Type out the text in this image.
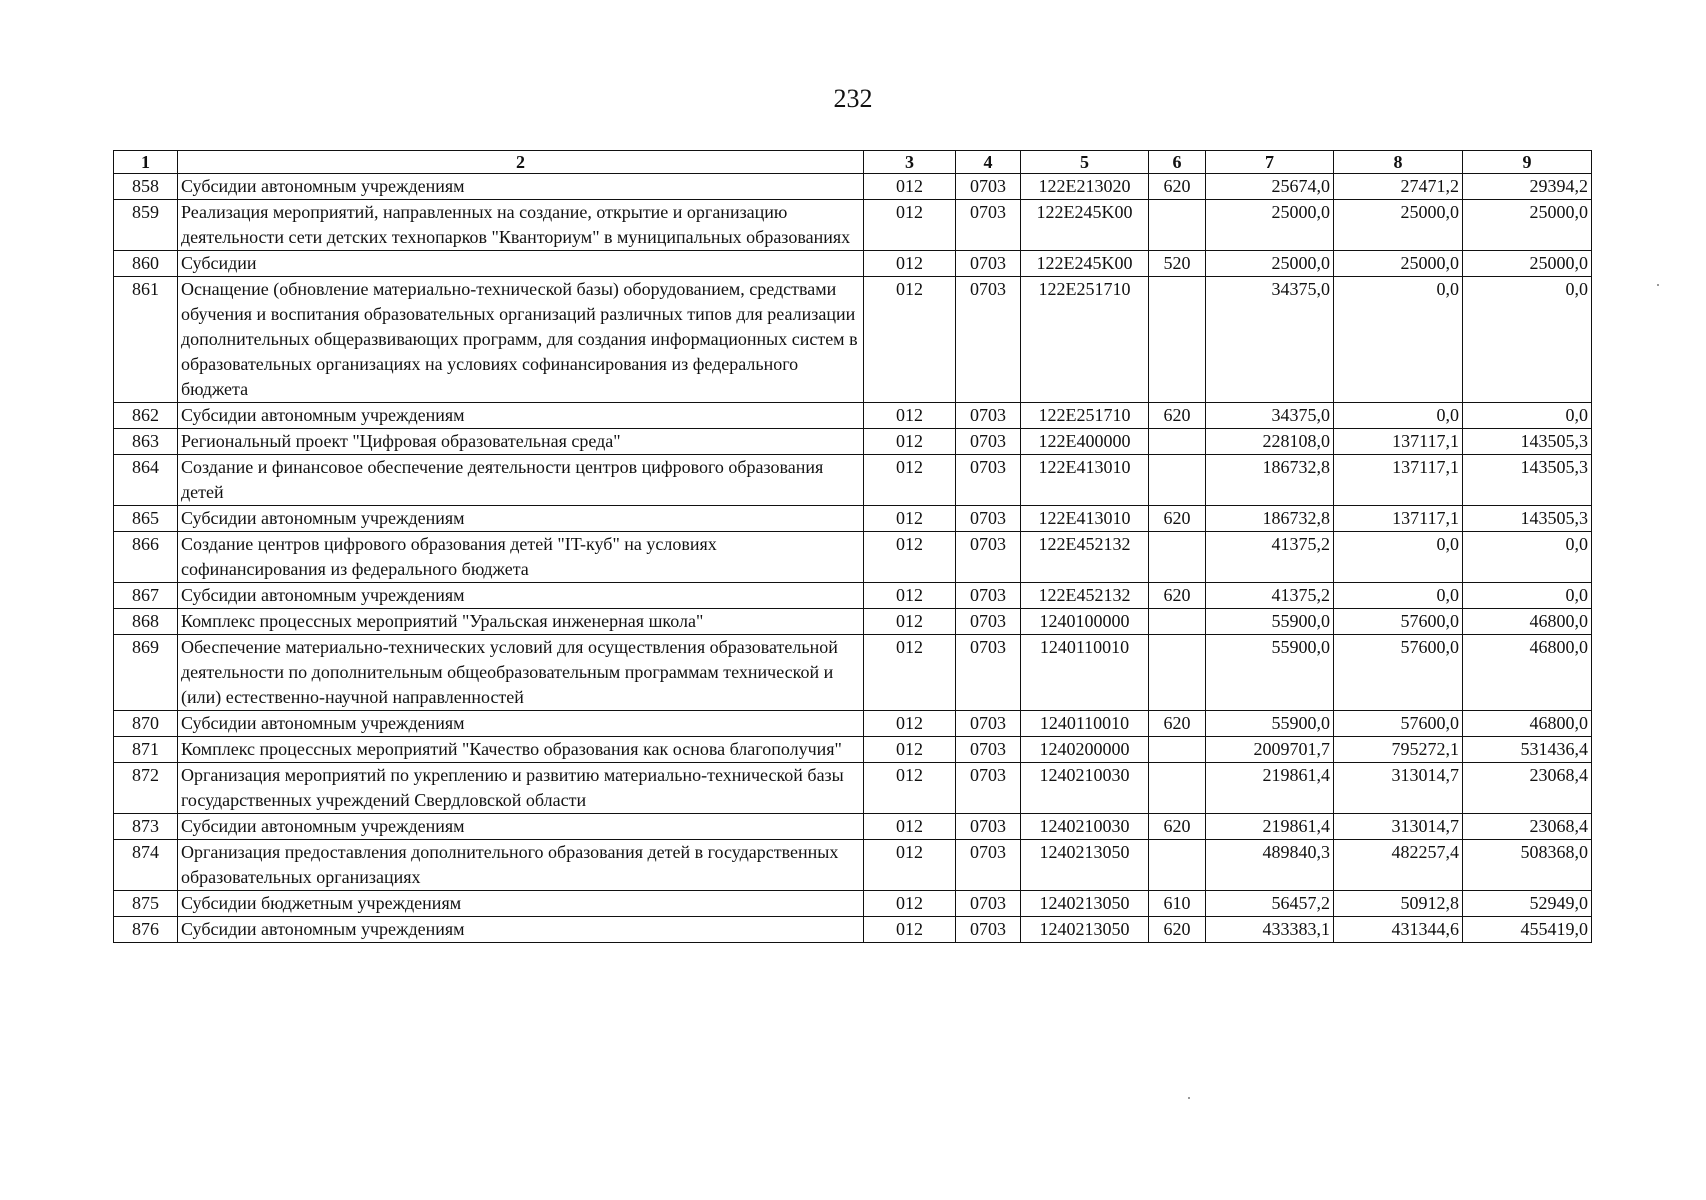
232
1	2	3	4	5	6	7	8	9
858	Субсидии автономным учреждениям	012	0703	122E213020	620	25674,0	27471,2	29394,2
859	Реализация мероприятий, направленных на создание, открытие и организацию деятельности сети детских технопарков "Кванториум" в муниципальных образованиях	012	0703	122E245K00		25000,0	25000,0	25000,0
860	Субсидии	012	0703	122E245K00	520	25000,0	25000,0	25000,0
861	Оснащение (обновление материально-технической базы) оборудованием, средствами обучения и воспитания образовательных организаций различных типов для реализации дополнительных общеразвивающих программ, для создания информационных систем в образовательных организациях на условиях софинансирования из федерального бюджета	012	0703	122E251710		34375,0	0,0	0,0
862	Субсидии автономным учреждениям	012	0703	122E251710	620	34375,0	0,0	0,0
863	Региональный проект "Цифровая образовательная среда"	012	0703	122E400000		228108,0	137117,1	143505,3
864	Создание и финансовое обеспечение деятельности центров цифрового образования детей	012	0703	122E413010		186732,8	137117,1	143505,3
865	Субсидии автономным учреждениям	012	0703	122E413010	620	186732,8	137117,1	143505,3
866	Создание центров цифрового образования детей "IT-куб" на условиях софинансирования из федерального бюджета	012	0703	122E452132		41375,2	0,0	0,0
867	Субсидии автономным учреждениям	012	0703	122E452132	620	41375,2	0,0	0,0
868	Комплекс процессных мероприятий "Уральская инженерная школа"	012	0703	1240100000		55900,0	57600,0	46800,0
869	Обеспечение материально-технических условий для осуществления образовательной деятельности по дополнительным общеобразовательным программам технической и (или) естественно-научной направленностей	012	0703	1240110010		55900,0	57600,0	46800,0
870	Субсидии автономным учреждениям	012	0703	1240110010	620	55900,0	57600,0	46800,0
871	Комплекс процессных мероприятий "Качество образования как основа благополучия"	012	0703	1240200000		2009701,7	795272,1	531436,4
872	Организация мероприятий по укреплению и развитию материально-технической базы государственных учреждений Свердловской области	012	0703	1240210030		219861,4	313014,7	23068,4
873	Субсидии автономным учреждениям	012	0703	1240210030	620	219861,4	313014,7	23068,4
874	Организация предоставления дополнительного образования детей в государственных образовательных организациях	012	0703	1240213050		489840,3	482257,4	508368,0
875	Субсидии бюджетным учреждениям	012	0703	1240213050	610	56457,2	50912,8	52949,0
876	Субсидии автономным учреждениям	012	0703	1240213050	620	433383,1	431344,6	455419,0
